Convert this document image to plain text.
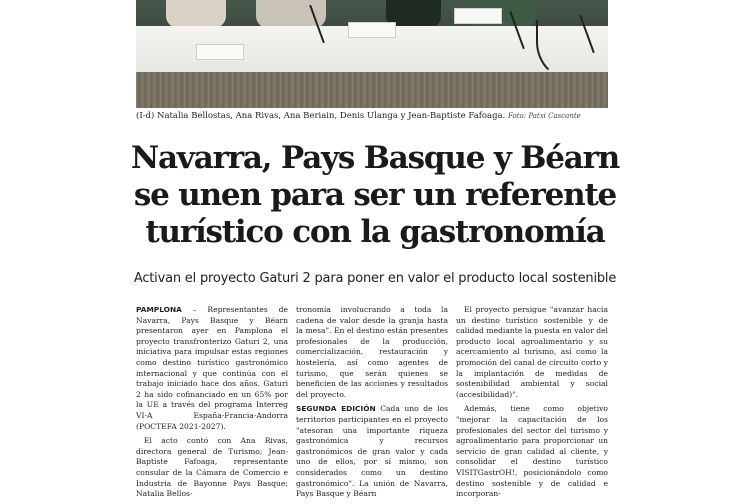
(I-d) Natalia Bellostas, Ana Rivas, Ana Beriain, Denis Ulanga y Jean-Baptiste Fafoaga. Foto: Patxi Cascante
Navarra, Pays Basque y Béarn
se unen para ser un referente
turístico con la gastronomía
Activan el proyecto Gaturi 2 para poner en valor el producto local sostenible

PAMPLONA – Representantes de Navarra, Pays Basque y Béarn presentaron ayer en Pamplona el proyecto transfronterizo Gaturi 2, una iniciativa para impulsar estas regiones como destino turístico gastronómico internacional y que continúa con el trabajo iniciado hace dos años. Gaturi 2 ha sido cofinanciado en un 65% por la UE a través del programa Interreg VI-A España-Francia-Andorra (POCTEFA 2021-2027).

El acto contó con Ana Rivas, directora general de Turismo; Jean-Baptiste Fafoaga, representante consular de la Cámara de Comercio e Industria de Bayonne Pays Basque; Natalia Bellos-

tronomía involucrando a toda la cadena de valor desde la granja hasta la mesa". En el destino están presentes profesionales de la producción, comercialización, restauración y hostelería, así como agentes de turismo, que serán quienes se beneficien de las acciones y resultados del proyecto.

SEGUNDA EDICIÓN Cada uno de los territorios participantes en el proyecto "atesoran una importante riqueza gastronómica y recursos gastronómicos de gran valor y cada uno de ellos, por sí mismo, son considerados como un destino gastronómico". La unión de Navarra, Pays Basque y Béarn

El proyecto persigue "avanzar hacia un destino turístico sostenible y de calidad mediante la puesta en valor del producto local agroalimentario y su acercamiento al turismo, así como la promoción del canal de circuito corto y la implantación de medidas de sostenibilidad ambiental y social (accesibilidad)".

Además, tiene como objetivo "mejorar la capacitación de los profesionales del sector del turismo y agroalimentario para proporcionar un servicio de gran calidad al cliente, y consolidar el destino turístico VISITGastrOH!, posicionándolo como destino sostenible y de calidad e incorporan-
